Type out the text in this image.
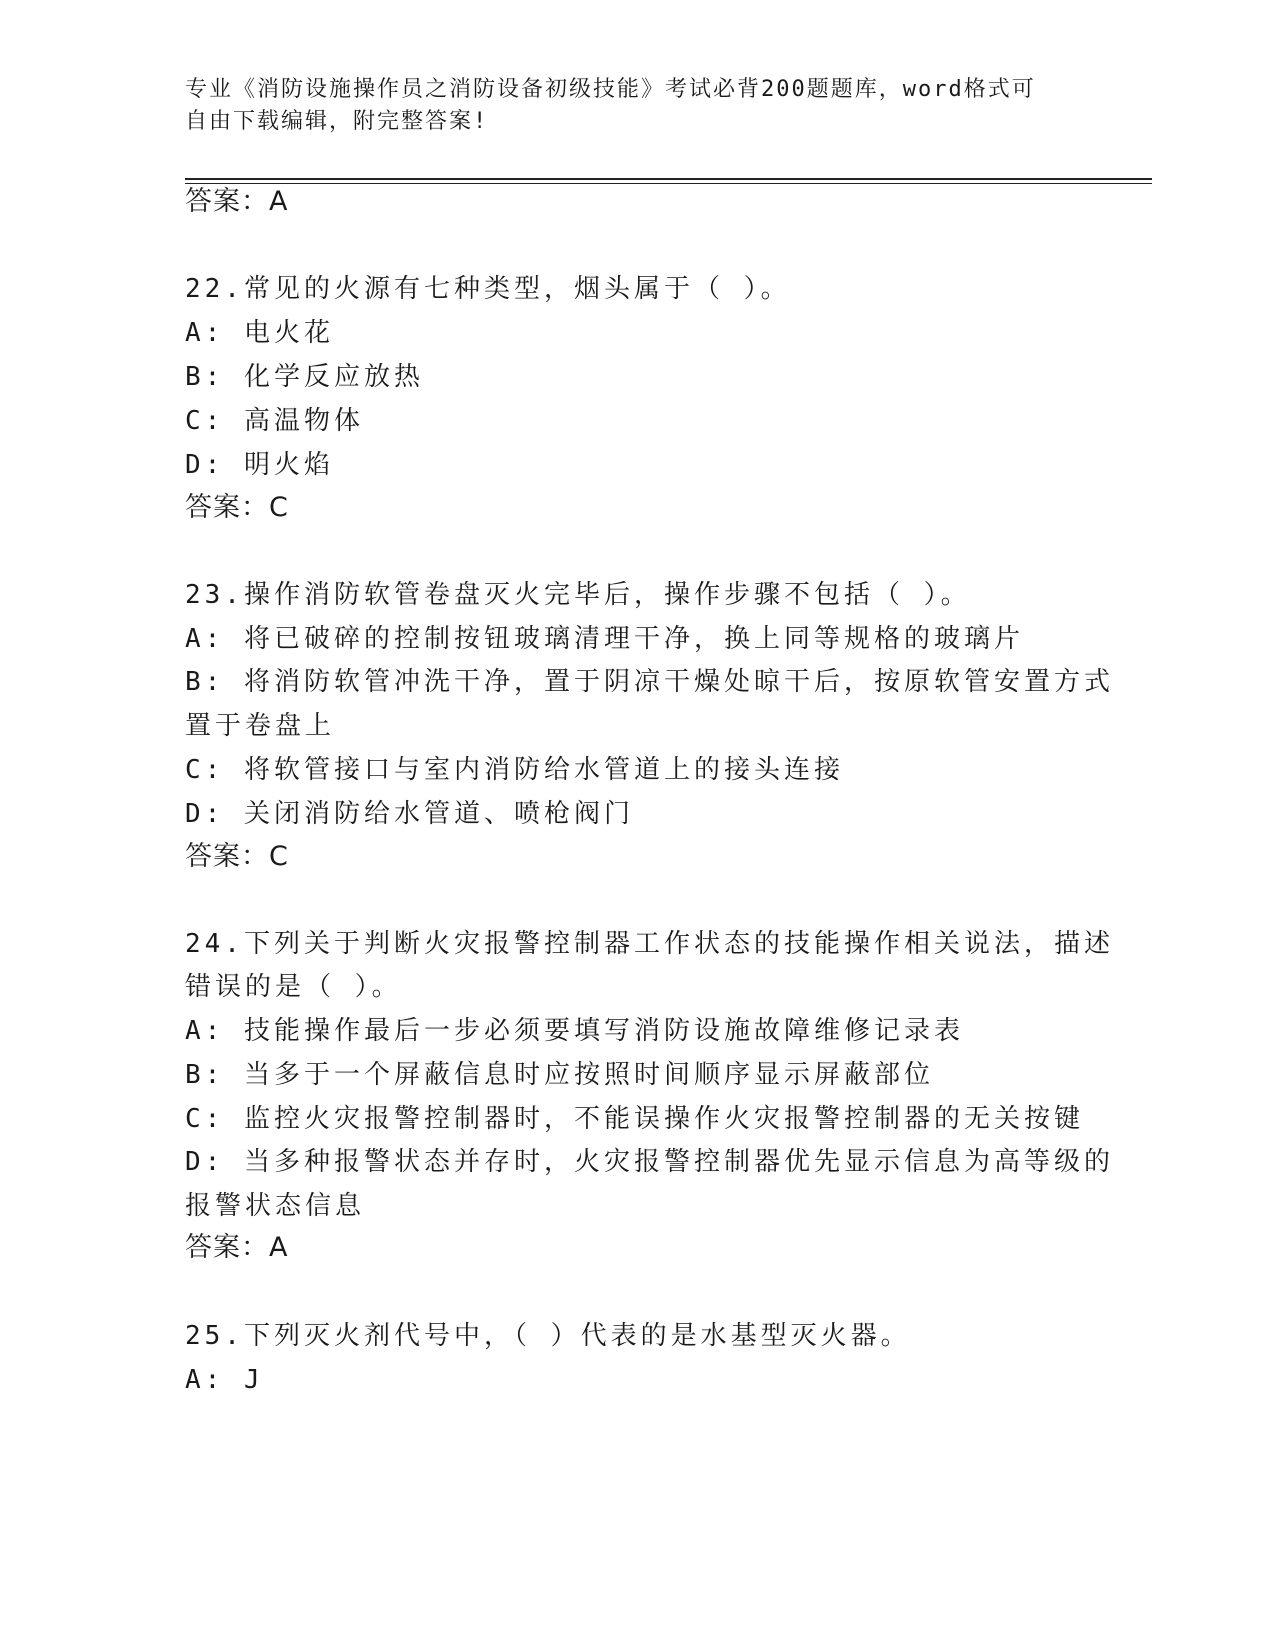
专业《消防设施操作员之消防设备初级技能》考试必背200题题库，word格式可
自由下载编辑，附完整答案!
答案：A
22.常见的火源有七种类型，烟头属于（ ）。
A: 电火花
B: 化学反应放热
C: 高温物体
D: 明火焰
答案：C
23.操作消防软管卷盘灭火完毕后，操作步骤不包括（ ）。
A: 将已破碎的控制按钮玻璃清理干净，换上同等规格的玻璃片
B: 将消防软管冲洗干净，置于阴凉干燥处晾干后，按原软管安置方式
置于卷盘上
C: 将软管接口与室内消防给水管道上的接头连接
D: 关闭消防给水管道、喷枪阀门
答案：C
24.下列关于判断火灾报警控制器工作状态的技能操作相关说法，描述
错误的是（ ）。
A: 技能操作最后一步必须要填写消防设施故障维修记录表
B: 当多于一个屏蔽信息时应按照时间顺序显示屏蔽部位
C: 监控火灾报警控制器时，不能误操作火灾报警控制器的无关按键
D: 当多种报警状态并存时，火灾报警控制器优先显示信息为高等级的
报警状态信息
答案：A
25.下列灭火剂代号中，（ ）代表的是水基型灭火器。
A: J
